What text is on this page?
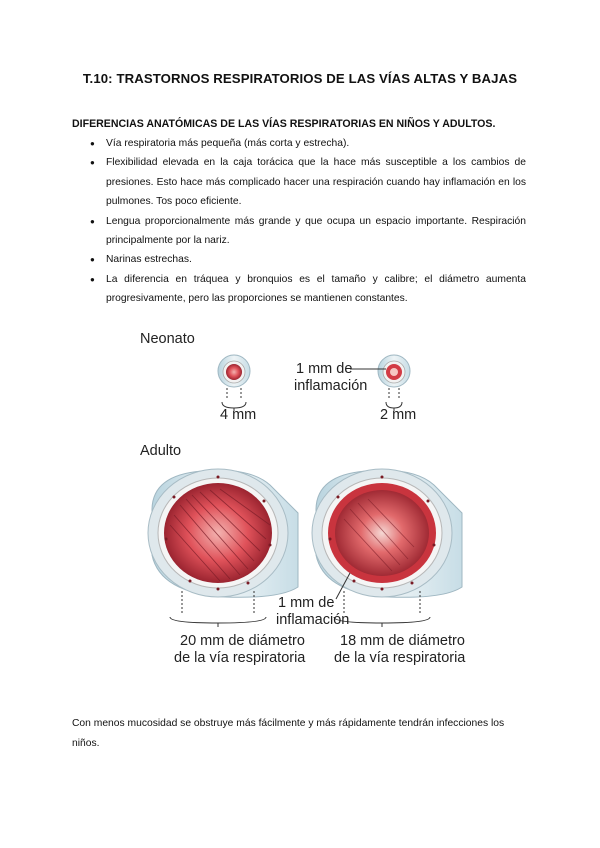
T.10: TRASTORNOS RESPIRATORIOS DE LAS VÍAS ALTAS Y BAJAS
DIFERENCIAS ANATÓMICAS DE LAS VÍAS RESPIRATORIAS EN NIÑOS Y ADULTOS.
● Vía respiratoria más pequeña (más corta y estrecha).
● Flexibilidad elevada en la caja torácica que la hace más susceptible a los cambios de presiones. Esto hace más complicado hacer una respiración cuando hay inflamación en los pulmones. Tos poco eficiente.
● Lengua proporcionalmente más grande y que ocupa un espacio importante. Respiración principalmente por la nariz.
● Narinas estrechas.
● La diferencia en tráquea y bronquios es el tamaño y calibre; el diámetro aumenta progresivamente, pero las proporciones se mantienen constantes.
Neonato
4 mm
1 mm de
inflamación
2 mm
Adulto
1 mm de
inflamación
20 mm de diámetro
de la vía respiratoria
18 mm de diámetro
de la vía respiratoria
Con menos mucosidad se obstruye más fácilmente y más rápidamente tendrán infecciones los niños.
